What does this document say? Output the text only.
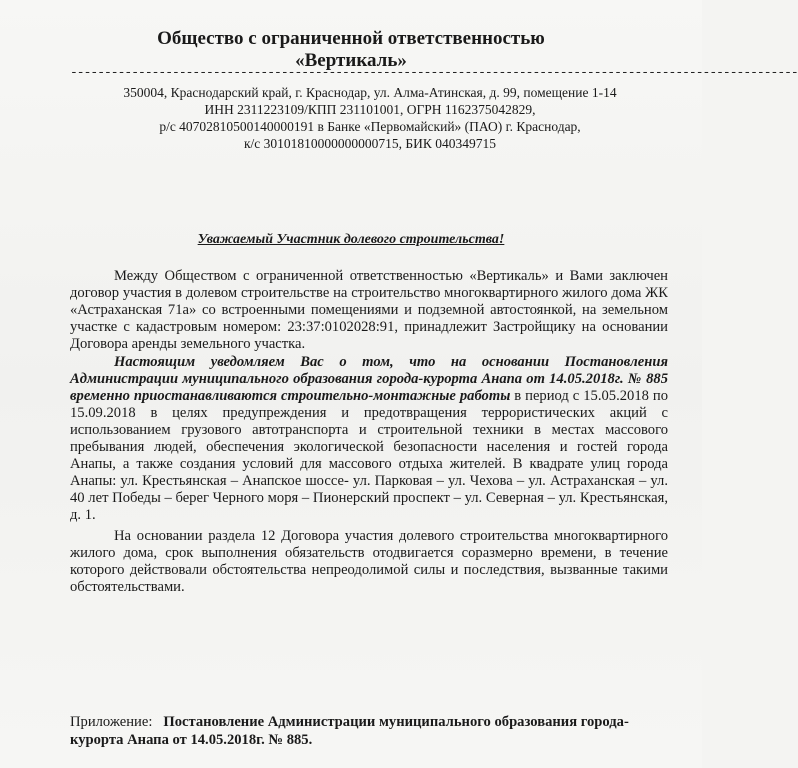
Общество с ограниченной ответственностью
«Вертикаль»
-----------------------------------------------------------------------------------------------------------
350004, Краснодарский край, г. Краснодар, ул. Алма-Атинская, д. 99, помещение 1-14
ИНН 2311223109/КПП 231101001, ОГРН 1162375042829,
р/с 40702810500140000191 в Банке «Первомайский» (ПАО) г. Краснодар,
к/с 30101810000000000715, БИК 040349715
Уважаемый Участник долевого строительства!
Между Обществом с ограниченной ответственностью «Вертикаль» и Вами заключен договор участия в долевом строительстве на строительство многоквартирного жилого дома ЖК «Астраханская 71а» со встроенными помещениями и подземной автостоянкой, на земельном участке с кадастровым номером: 23:37:0102028:91, принадлежит Застройщику на основании Договора аренды земельного участка.
Настоящим уведомляем Вас о том, что на основании Постановления Администрации муниципального образования города-курорта Анапа от 14.05.2018г. № 885 временно приостанавливаются строительно-монтажные работы в период с 15.05.2018 по 15.09.2018 в целях предупреждения и предотвращения террористических акций с использованием грузового автотранспорта и строительной техники в местах массового пребывания людей, обеспечения экологической безопасности населения и гостей города Анапы, а также создания условий для массового отдыха жителей. В квадрате улиц города Анапы: ул. Крестьянская – Анапское шоссе- ул. Парковая – ул. Чехова – ул. Астраханская – ул. 40 лет Победы – берег Черного моря – Пионерский проспект – ул. Северная – ул. Крестьянская, д. 1.
На основании раздела 12 Договора участия долевого строительства многоквартирного жилого дома, срок выполнения обязательств отодвигается соразмерно времени, в течение которого действовали обстоятельства непреодолимой силы и последствия, вызванные такими обстоятельствами.
Приложение: Постановление Администрации муниципального образования города-курорта Анапа от 14.05.2018г. № 885.
